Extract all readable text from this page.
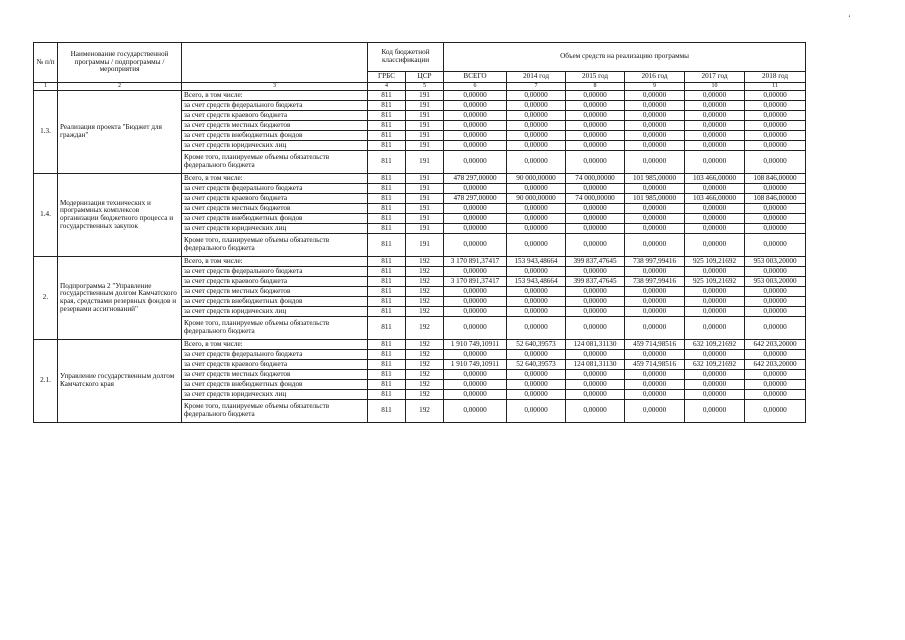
‘
№ п/п	Наименование государственной программы / подпрограммы / мероприятия		Код бюджетной классификации		Объем средств на реализацию программы					
			ГРБС	ЦСР	ВСЕГО	2014 год	2015 год	2016 год	2017 год	2018 год
1	2	3	4	5	6	7	8	9	10	11
1.3.	Реализация проекта "Бюджет для граждан"	Всего, в том числе:	811	191	0,00000	0,00000	0,00000	0,00000	0,00000	0,00000
		за счет средств федерального бюджета	811	191	0,00000	0,00000	0,00000	0,00000	0,00000	0,00000
		за счет средств краевого бюджета	811	191	0,00000	0,00000	0,00000	0,00000	0,00000	0,00000
		за счет средств местных бюджетов	811	191	0,00000	0,00000	0,00000	0,00000	0,00000	0,00000
		за счет средств внебюджетных фондов	811	191	0,00000	0,00000	0,00000	0,00000	0,00000	0,00000
		за счет средств юридических лиц	811	191	0,00000	0,00000	0,00000	0,00000	0,00000	0,00000
		Кроме того, планируемые объемы обязательств федерального бюджета	811	191	0,00000	0,00000	0,00000	0,00000	0,00000	0,00000
1.4.	Модернизация технических и программных комплексов организации бюджетного процесса и государственных закупок	Всего, в том числе:	811	191	478 297,00000	90 000,00000	74 000,00000	101 985,00000	103 466,00000	108 846,00000
		за счет средств федерального бюджета	811	191	0,00000	0,00000	0,00000	0,00000	0,00000	0,00000
		за счет средств краевого бюджета	811	191	478 297,00000	90 000,00000	74 000,00000	101 985,00000	103 466,00000	108 846,00000
		за счет средств местных бюджетов	811	191	0,00000	0,00000	0,00000	0,00000	0,00000	0,00000
		за счет средств внебюджетных фондов	811	191	0,00000	0,00000	0,00000	0,00000	0,00000	0,00000
		за счет средств юридических лиц	811	191	0,00000	0,00000	0,00000	0,00000	0,00000	0,00000
		Кроме того, планируемые объемы обязательств федерального бюджета	811	191	0,00000	0,00000	0,00000	0,00000	0,00000	0,00000
2.	Подпрограмма 2 "Управление государственным долгом Камчатского края, средствами резервных фондов и резервами ассигнований"	Всего, в том числе:	811	192	3 170 891,37417	153 943,48664	399 837,47645	738 997,99416	925 109,21692	953 003,20000
		за счет средств федерального бюджета	811	192	0,00000	0,00000	0,00000	0,00000	0,00000	0,00000
		за счет средств краевого бюджета	811	192	3 170 891,37417	153 943,48664	399 837,47645	738 997,99416	925 109,21692	953 003,20000
		за счет средств местных бюджетов	811	192	0,00000	0,00000	0,00000	0,00000	0,00000	0,00000
		за счет средств внебюджетных фондов	811	192	0,00000	0,00000	0,00000	0,00000	0,00000	0,00000
		за счет средств юридических лиц	811	192	0,00000	0,00000	0,00000	0,00000	0,00000	0,00000
		Кроме того, планируемые объемы обязательств федерального бюджета	811	192	0,00000	0,00000	0,00000	0,00000	0,00000	0,00000
2.1.	Управление государственным долгом Камчатского края	Всего, в том числе:	811	192	1 910 749,10911	52 640,39573	124 081,31130	459 714,98516	632 109,21692	642 203,20000
		за счет средств федерального бюджета	811	192	0,00000	0,00000	0,00000	0,00000	0,00000	0,00000
		за счет средств краевого бюджета	811	192	1 910 749,10911	52 640,39573	124 081,31130	459 714,98516	632 109,21692	642 203,20000
		за счет средств местных бюджетов	811	192	0,00000	0,00000	0,00000	0,00000	0,00000	0,00000
		за счет средств внебюджетных фондов	811	192	0,00000	0,00000	0,00000	0,00000	0,00000	0,00000
		за счет средств юридических лиц	811	192	0,00000	0,00000	0,00000	0,00000	0,00000	0,00000
		Кроме того, планируемые объемы обязательств федерального бюджета	811	192	0,00000	0,00000	0,00000	0,00000	0,00000	0,00000
